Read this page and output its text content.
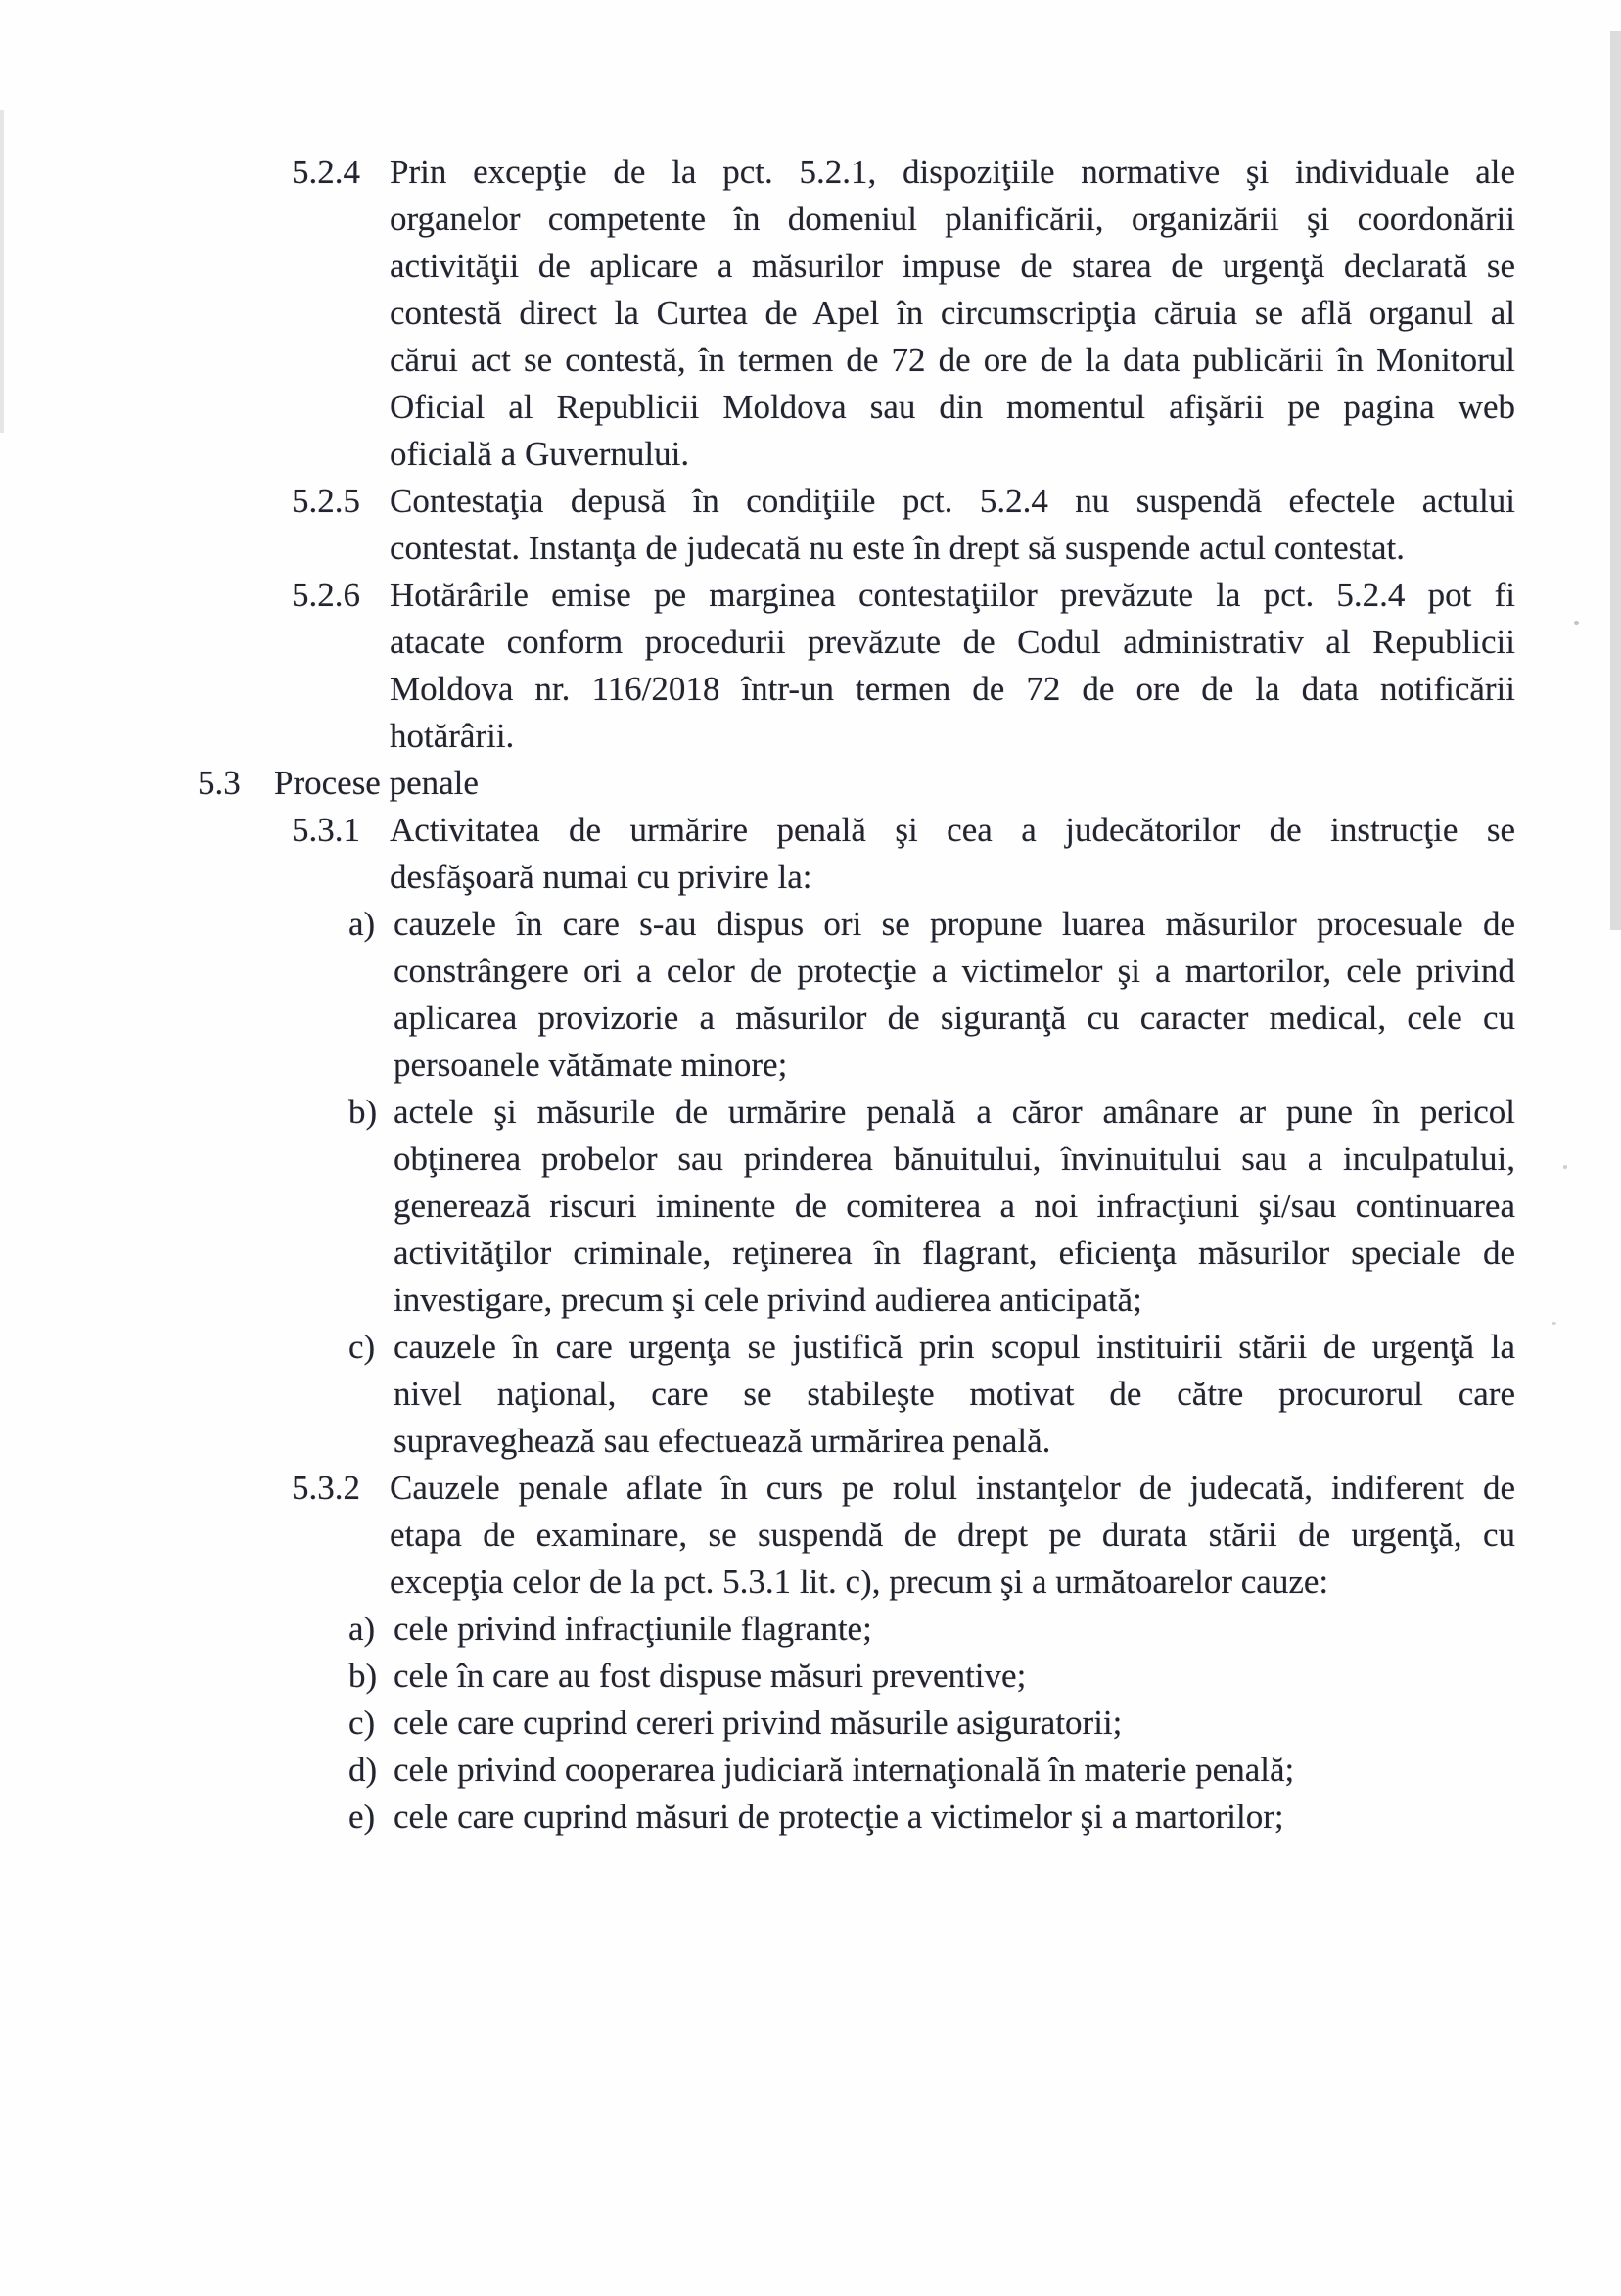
5.2.4 Prin excepţie de la pct. 5.2.1, dispoziţiile normative şi individuale ale
organelor competente în domeniul planificării, organizării şi coordonării
activităţii de aplicare a măsurilor impuse de starea de urgenţă declarată se
contestă direct la Curtea de Apel în circumscripţia căruia se află organul al
cărui act se contestă, în termen de 72 de ore de la data publicării în Monitorul
Oficial al Republicii Moldova sau din momentul afişării pe pagina web
oficială a Guvernului.
5.2.5 Contestaţia depusă în condiţiile pct. 5.2.4 nu suspendă efectele actului
contestat. Instanţa de judecată nu este în drept să suspende actul contestat.
5.2.6 Hotărârile emise pe marginea contestaţiilor prevăzute la pct. 5.2.4 pot fi
atacate conform procedurii prevăzute de Codul administrativ al Republicii
Moldova nr. 116/2018 într-un termen de 72 de ore de la data notificării
hotărârii.
5.3 Procese penale
5.3.1 Activitatea de urmărire penală şi cea a judecătorilor de instrucţie se
desfăşoară numai cu privire la:
a) cauzele în care s-au dispus ori se propune luarea măsurilor procesuale de
constrângere ori a celor de protecţie a victimelor şi a martorilor, cele privind
aplicarea provizorie a măsurilor de siguranţă cu caracter medical, cele cu
persoanele vătămate minore;
b) actele şi măsurile de urmărire penală a căror amânare ar pune în pericol
obţinerea probelor sau prinderea bănuitului, învinuitului sau a inculpatului,
generează riscuri iminente de comiterea a noi infracţiuni şi/sau continuarea
activităţilor criminale, reţinerea în flagrant, eficienţa măsurilor speciale de
investigare, precum şi cele privind audierea anticipată;
c) cauzele în care urgenţa se justifică prin scopul instituirii stării de urgenţă la
nivel naţional, care se stabileşte motivat de către procurorul care
supraveghează sau efectuează urmărirea penală.
5.3.2 Cauzele penale aflate în curs pe rolul instanţelor de judecată, indiferent de
etapa de examinare, se suspendă de drept pe durata stării de urgenţă, cu
excepţia celor de la pct. 5.3.1 lit. c), precum şi a următoarelor cauze:
a) cele privind infracţiunile flagrante;
b) cele în care au fost dispuse măsuri preventive;
c) cele care cuprind cereri privind măsurile asiguratorii;
d) cele privind cooperarea judiciară internaţională în materie penală;
e) cele care cuprind măsuri de protecţie a victimelor şi a martorilor;
